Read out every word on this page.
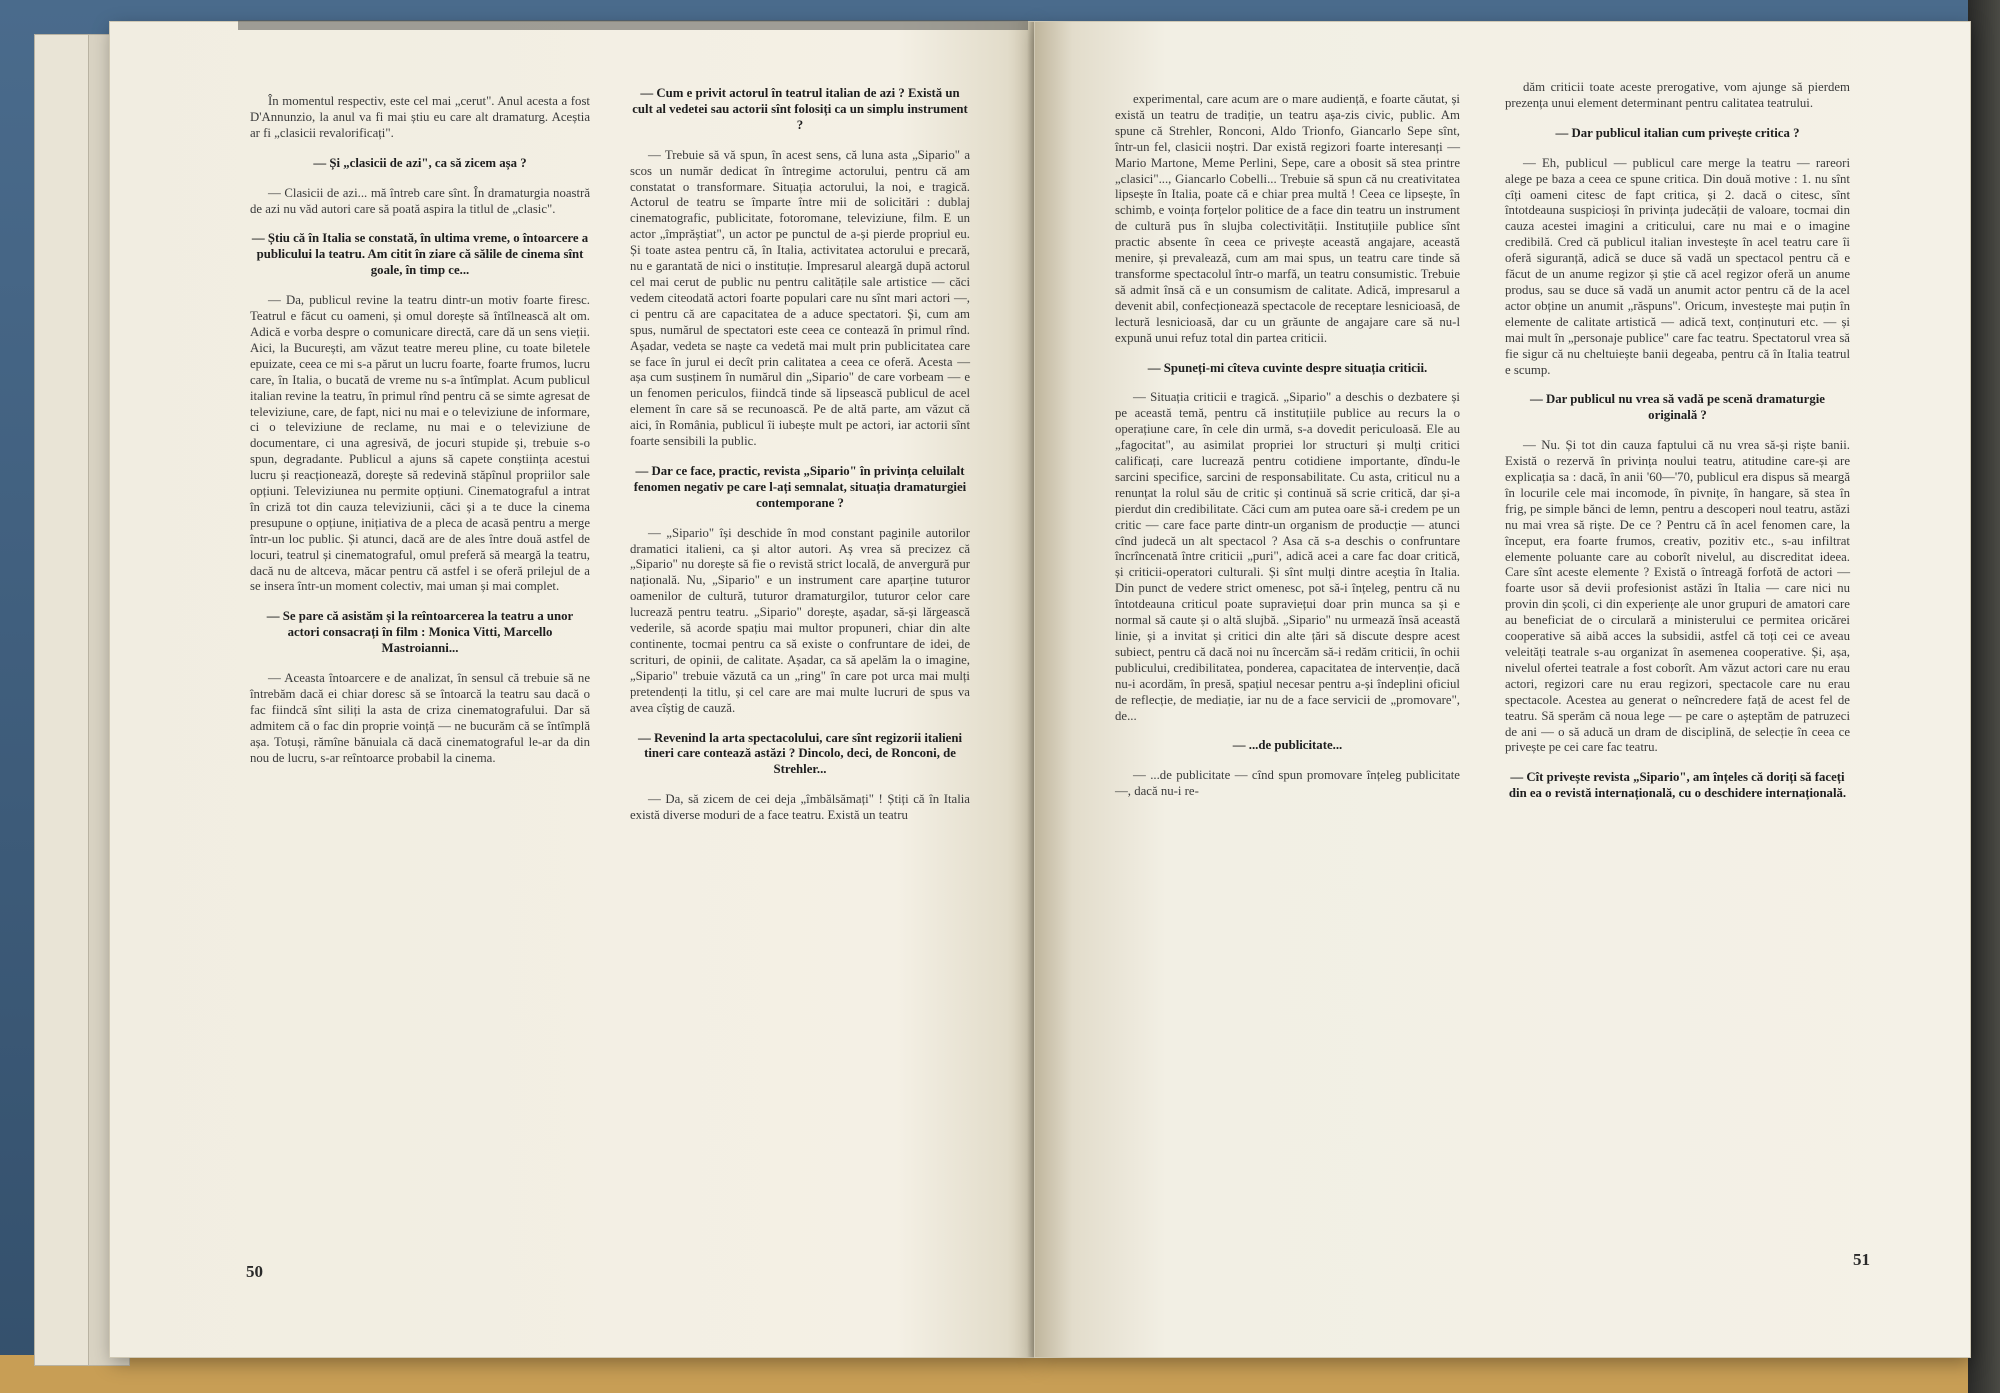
În momentul respectiv, este cel mai „cerut". Anul acesta a fost D'Annunzio, la anul va fi mai știu eu care alt dramaturg. Aceștia ar fi „clasicii revalorificați".

— Și „clasicii de azi", ca să zicem așa ?

— Clasicii de azi... mă întreb care sînt. În dramaturgia noastră de azi nu văd autori care să poată aspira la titlul de „clasic".

— Știu că în Italia se constată, în ultima vreme, o întoarcere a publicului la teatru. Am citit în ziare că sălile de cinema sînt goale, în timp ce...

— Da, publicul revine la teatru dintr-un motiv foarte firesc. Teatrul e făcut cu oameni, și omul dorește să întîlnească alt om. Adică e vorba despre o comunicare directă, care dă un sens vieții. Aici, la București, am văzut teatre mereu pline, cu toate biletele epuizate, ceea ce mi s-a părut un lucru foarte, foarte frumos, lucru care, în Italia, o bucată de vreme nu s-a întîmplat. Acum publicul italian revine la teatru, în primul rînd pentru că se simte agresat de televiziune, care, de fapt, nici nu mai e o televiziune de informare, ci o televiziune de reclame, nu mai e o televiziune de documentare, ci una agresivă, de jocuri stupide și, trebuie s-o spun, degradante. Publicul a ajuns să capete conștiința acestui lucru și reacționează, dorește să redevină stăpînul propriilor sale opțiuni. Televiziunea nu permite opțiuni. Cinematograful a intrat în criză tot din cauza televiziunii, căci și a te duce la cinema presupune o opțiune, inițiativa de a pleca de acasă pentru a merge într-un loc public. Și atunci, dacă are de ales între două astfel de locuri, teatrul și cinematograful, omul preferă să meargă la teatru, dacă nu de altceva, măcar pentru că astfel i se oferă prilejul de a se insera într-un moment colectiv, mai uman și mai complet.

— Se pare că asistăm și la reîntoarcerea la teatru a unor actori consacrați în film : Monica Vitti, Marcello Mastroianni...

— Aceasta întoarcere e de analizat, în sensul că trebuie să ne întrebăm dacă ei chiar doresc să se întoarcă la teatru sau dacă o fac fiindcă sînt siliți la asta de criza cinematografului. Dar să admitem că o fac din proprie voință — ne bucurăm că se întîmplă așa. Totuși, rămîne bănuiala că dacă cinematograful le-ar da din nou de lucru, s-ar reîntoarce probabil la cinema.

— Cum e privit actorul în teatrul italian de azi ? Există un cult al vedetei sau actorii sînt folosiți ca un simplu instrument ?

— Trebuie să vă spun, în acest sens, că luna asta „Sipario" a scos un număr dedicat în întregime actorului, pentru că am constatat o transformare. Situația actorului, la noi, e tragică. Actorul de teatru se împarte între mii de solicitări : dublaj cinematografic, publicitate, fotoromane, televiziune, film. E un actor „împrăștiat", un actor pe punctul de a-și pierde propriul eu. Și toate astea pentru că, în Italia, activitatea actorului e precară, nu e garantată de nici o instituție. Impresarul aleargă după actorul cel mai cerut de public nu pentru calitățile sale artistice — căci vedem citeodată actori foarte populari care nu sînt mari actori —, ci pentru că are capacitatea de a aduce spectatori. Și, cum am spus, numărul de spectatori este ceea ce contează în primul rînd. Așadar, vedeta se naște ca vedetă mai mult prin publicitatea care se face în jurul ei decît prin calitatea a ceea ce oferă. Acesta — așa cum susținem în numărul din „Sipario" de care vorbeam — e un fenomen periculos, fiindcă tinde să lipsească publicul de acel element în care să se recunoască. Pe de altă parte, am văzut că aici, în România, publicul îi iubește mult pe actori, iar actorii sînt foarte sensibili la public.

— Dar ce face, practic, revista „Sipario" în privința celuilalt fenomen negativ pe care l-ați semnalat, situația dramaturgiei contemporane ?

— „Sipario" își deschide în mod constant paginile autorilor dramatici italieni, ca și altor autori. Aș vrea să precizez că „Sipario" nu dorește să fie o revistă strict locală, de anvergură pur națională. Nu, „Sipario" e un instrument care aparține tuturor oamenilor de cultură, tuturor dramaturgilor, tuturor celor care lucrează pentru teatru. „Sipario" dorește, așadar, să-și lărgească vederile, să acorde spațiu mai multor propuneri, chiar din alte continente, tocmai pentru ca să existe o confruntare de idei, de scrituri, de opinii, de calitate. Așadar, ca să apelăm la o imagine, „Sipario" trebuie văzută ca un „ring" în care pot urca mai mulți pretendenți la titlu, și cel care are mai multe lucruri de spus va avea cîștig de cauză.

— Revenind la arta spectacolului, care sînt regizorii italieni tineri care contează astăzi ? Dincolo, deci, de Ronconi, de Strehler...

— Da, să zicem de cei deja „îmbălsămați" ! Știți că în Italia există diverse moduri de a face teatru. Există un teatru

50

experimental, care acum are o mare audiență, e foarte căutat, și există un teatru de tradiție, un teatru așa-zis civic, public. Am spune că Strehler, Ronconi, Aldo Trionfo, Giancarlo Sepe sînt, într-un fel, clasicii noștri. Dar există regizori foarte interesanți — Mario Martone, Meme Perlini, Sepe, care a obosit să stea printre „clasici"..., Giancarlo Cobelli... Trebuie să spun că nu creativitatea lipsește în Italia, poate că e chiar prea multă ! Ceea ce lipsește, în schimb, e voința forțelor politice de a face din teatru un instrument de cultură pus în slujba colectivității. Instituțiile publice sînt practic absente în ceea ce privește această angajare, această menire, și prevalează, cum am mai spus, un teatru care tinde să transforme spectacolul într-o marfă, un teatru consumistic. Trebuie să admit însă că e un consumism de calitate. Adică, impresarul a devenit abil, confecționează spectacole de receptare lesnicioasă, de lectură lesnicioasă, dar cu un grăunte de angajare care să nu-l expună unui refuz total din partea criticii.

— Spuneți-mi cîteva cuvinte despre situația criticii.

— Situația criticii e tragică. „Sipario" a deschis o dezbatere și pe această temă, pentru că instituțiile publice au recurs la o operațiune care, în cele din urmă, s-a dovedit periculoasă. Ele au „fagocitat", au asimilat propriei lor structuri și mulți critici calificați, care lucrează pentru cotidiene importante, dîndu-le sarcini specifice, sarcini de responsabilitate. Cu asta, criticul nu a renunțat la rolul său de critic și continuă să scrie critică, dar și-a pierdut din credibilitate. Căci cum am putea oare să-i credem pe un critic — care face parte dintr-un organism de producție — atunci cînd judecă un alt spectacol ? Asa că s-a deschis o confruntare încrîncenată între criticii „puri", adică acei a care fac doar critică, și criticii-operatori culturali. Și sînt mulți dintre aceștia în Italia. Din punct de vedere strict omenesc, pot să-i înțeleg, pentru că nu întotdeauna criticul poate supraviețui doar prin munca sa și e normal să caute și o altă slujbă. „Sipario" nu urmează însă această linie, și a invitat și critici din alte țări să discute despre acest subiect, pentru că dacă noi nu încercăm să-i redăm criticii, în ochii publicului, credibilitatea, ponderea, capacitatea de intervenție, dacă nu-i acordăm, în presă, spațiul necesar pentru a-și îndeplini oficiul de reflecție, de mediație, iar nu de a face servicii de „promovare", de...

— ...de publicitate...

— ...de publicitate — cînd spun promovare înțeleg publicitate —, dacă nu-i re-

dăm criticii toate aceste prerogative, vom ajunge să pierdem prezența unui element determinant pentru calitatea teatrului.

— Dar publicul italian cum privește critica ?

— Eh, publicul — publicul care merge la teatru — rareori alege pe baza a ceea ce spune critica. Din două motive : 1. nu sînt cîți oameni citesc de fapt critica, și 2. dacă o citesc, sînt întotdeauna suspicioși în privința judecății de valoare, tocmai din cauza acestei imagini a criticului, care nu mai e o imagine credibilă. Cred că publicul italian investește în acel teatru care îi oferă siguranță, adică se duce să vadă un spectacol pentru că e făcut de un anume regizor și știe că acel regizor oferă un anume produs, sau se duce să vadă un anumit actor pentru că de la acel actor obține un anumit „răspuns". Oricum, investește mai puțin în elemente de calitate artistică — adică text, conținuturi etc. — și mai mult în „personaje publice" care fac teatru. Spectatorul vrea să fie sigur că nu cheltuiește banii degeaba, pentru că în Italia teatrul e scump.

— Dar publicul nu vrea să vadă pe scenă dramaturgie originală ?

— Nu. Și tot din cauza faptului că nu vrea să-și riște banii. Există o rezervă în privința noului teatru, atitudine care-și are explicația sa : dacă, în anii '60—'70, publicul era dispus să meargă în locurile cele mai incomode, în pivnițe, în hangare, să stea în frig, pe simple bănci de lemn, pentru a descoperi noul teatru, astăzi nu mai vrea să riște. De ce ? Pentru că în acel fenomen care, la început, era foarte frumos, creativ, pozitiv etc., s-au infiltrat elemente poluante care au coborît nivelul, au discreditat ideea. Care sînt aceste elemente ? Există o întreagă forfotă de actori — foarte usor să devii profesionist astăzi în Italia — care nici nu provin din școli, ci din experiențe ale unor grupuri de amatori care au beneficiat de o circulară a ministerului ce permitea oricărei cooperative să aibă acces la subsidii, astfel că toți cei ce aveau veleități teatrale s-au organizat în asemenea cooperative. Și, așa, nivelul ofertei teatrale a fost coborît. Am văzut actori care nu erau actori, regizori care nu erau regizori, spectacole care nu erau spectacole. Acestea au generat o neîncredere față de acest fel de teatru. Să sperăm că noua lege — pe care o așteptăm de patruzeci de ani — o să aducă un dram de disciplină, de selecție în ceea ce privește pe cei care fac teatru.

— Cît privește revista „Sipario", am înțeles că doriți să faceți din ea o revistă internațională, cu o deschidere internațională.

51
